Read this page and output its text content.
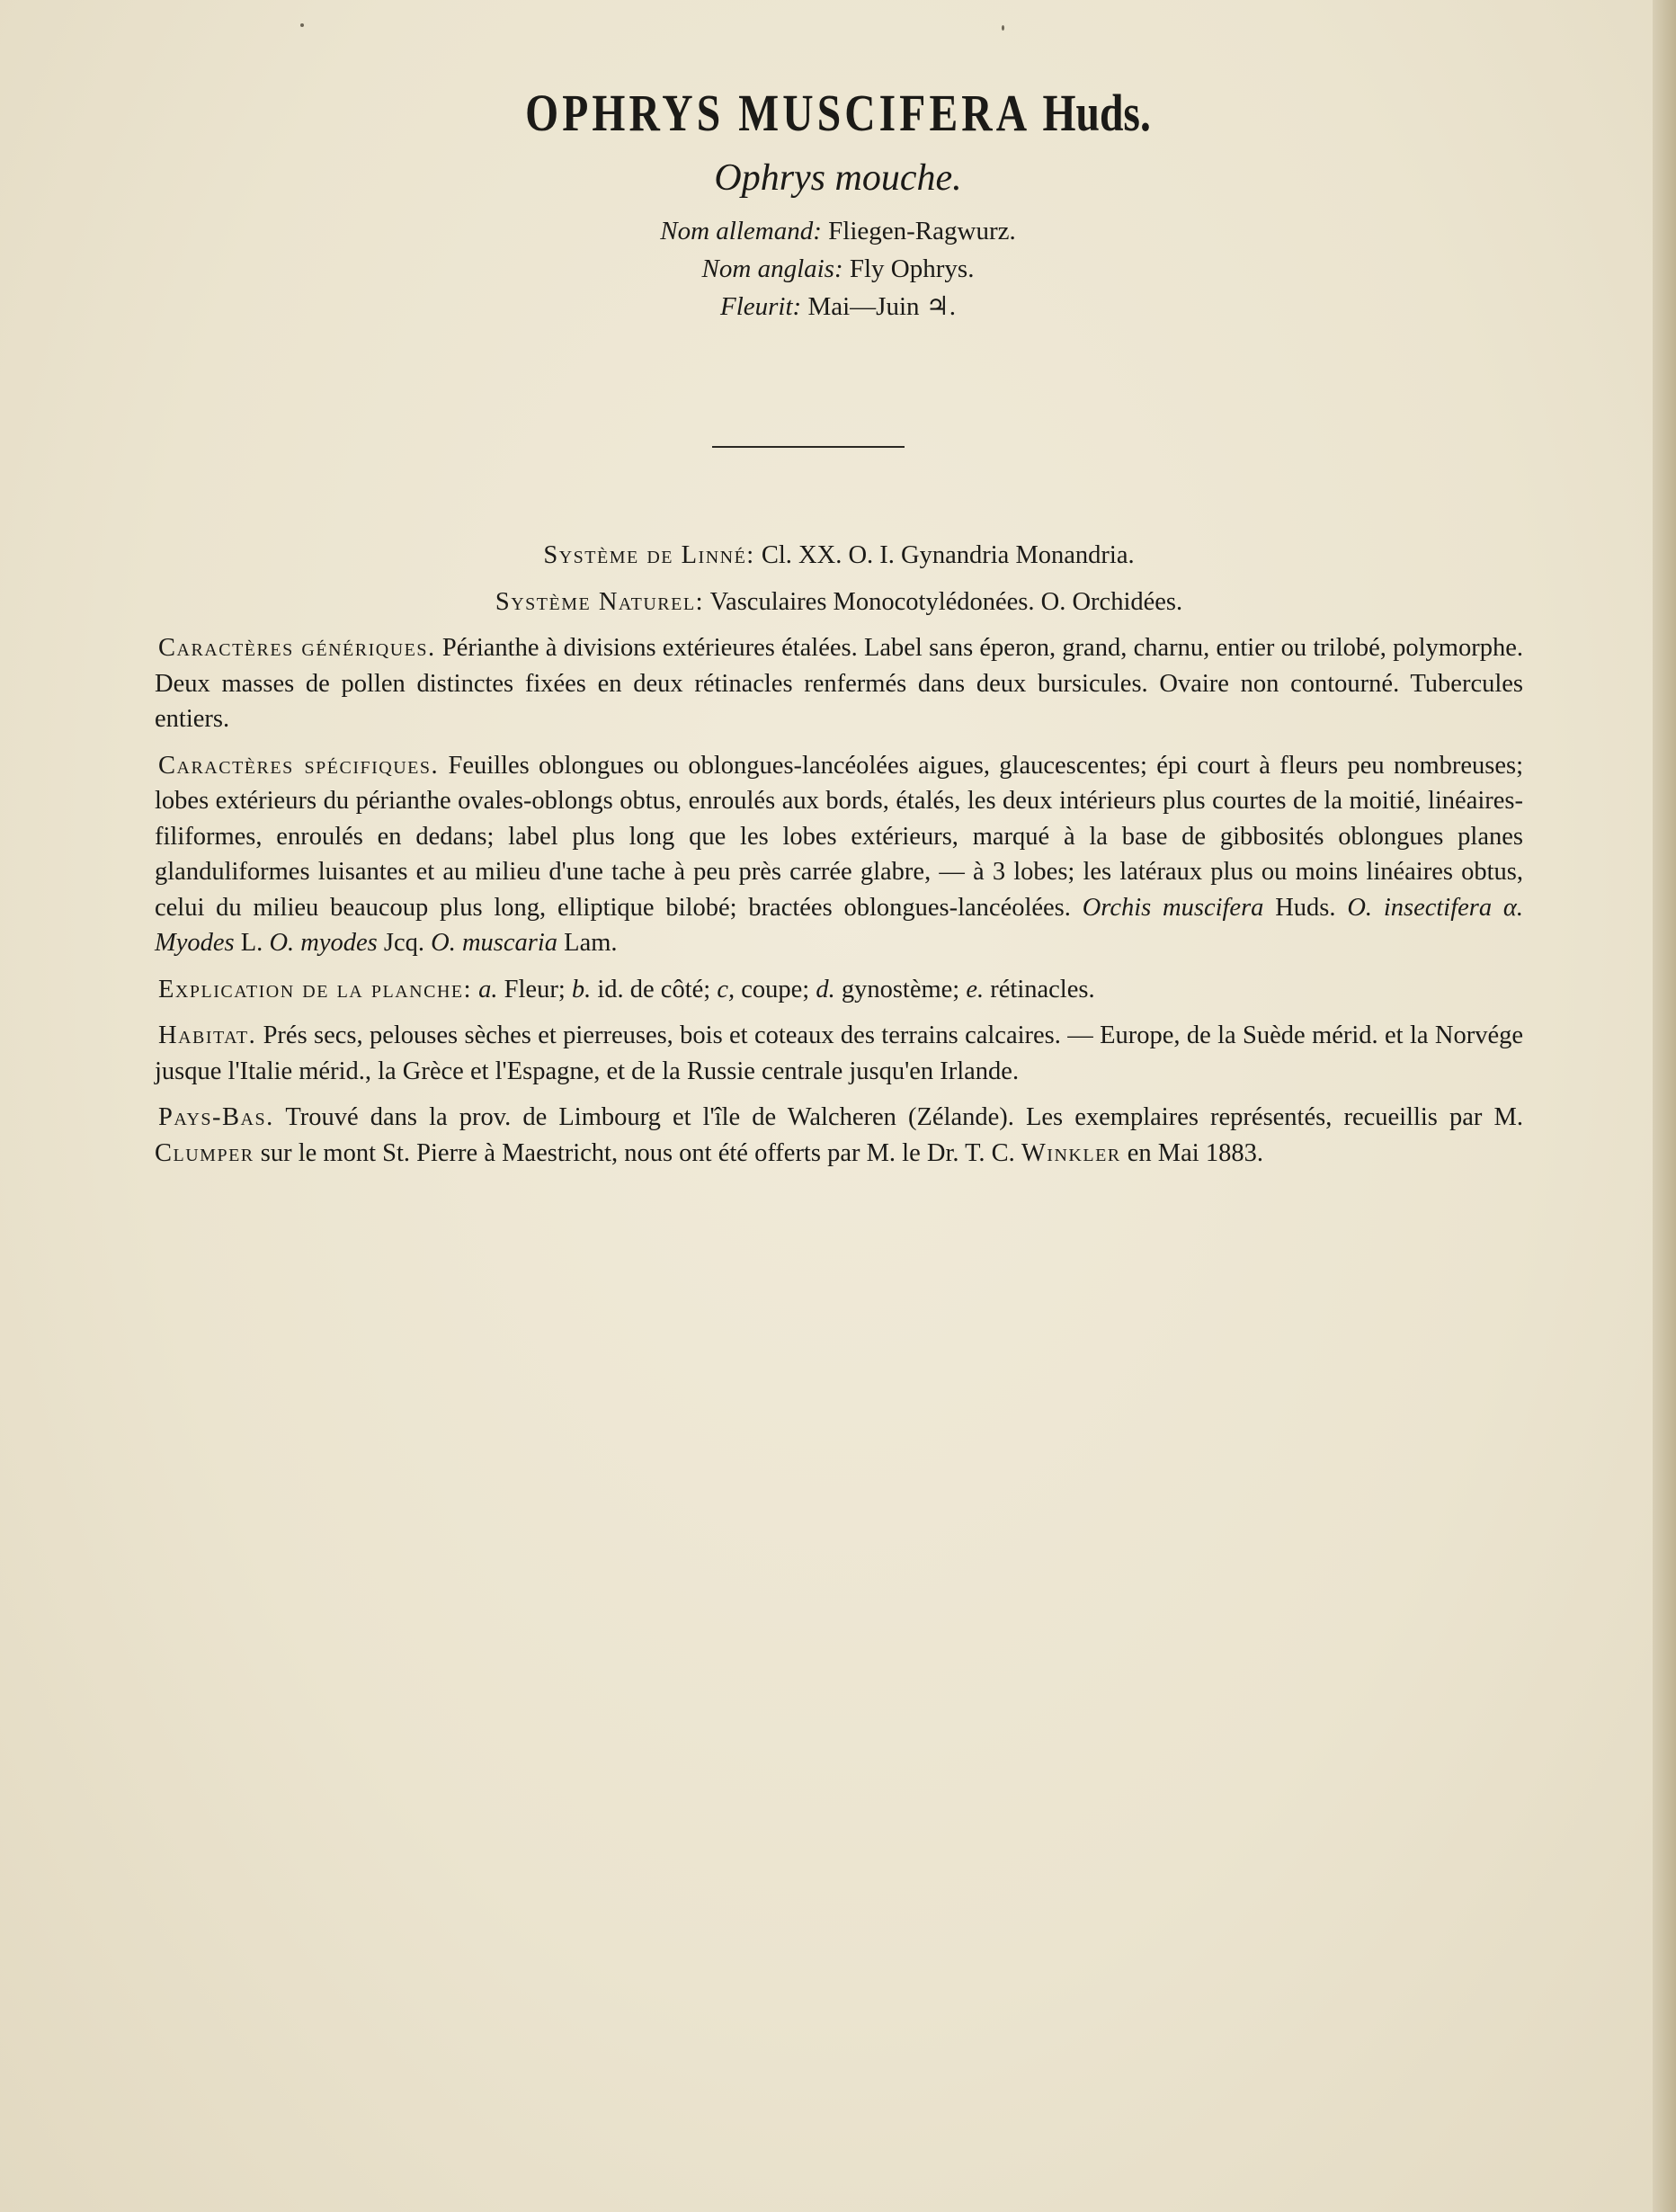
OPHRYS MUSCIFERA Huds.
Ophrys mouche.
Nom allemand: Fliegen-Ragwurz.
Nom anglais: Fly Ophrys.
Fleurit: Mai—Juin ♃.

Système de Linné: Cl. XX. O. I. Gynandria Monandria.

Système Naturel: Vasculaires Monocotylédonées. O. Orchidées.

Caractères génériques. Périanthe à divisions extérieures étalées. Label sans éperon, grand, charnu, entier ou trilobé, polymorphe. Deux masses de pollen distinctes fixées en deux rétinacles renfermés dans deux bursicules. Ovaire non contourné. Tubercules entiers.

Caractères spécifiques. Feuilles oblongues ou oblongues-lancéolées aigues, glaucescentes; épi court à fleurs peu nombreuses; lobes extérieurs du périanthe ovales-oblongs obtus, enroulés aux bords, étalés, les deux intérieurs plus courtes de la moitié, linéaires-filiformes, enroulés en dedans; label plus long que les lobes extérieurs, marqué à la base de gibbosités oblongues planes glanduliformes luisantes et au milieu d'une tache à peu près carrée glabre, — à 3 lobes; les latéraux plus ou moins linéaires obtus, celui du milieu beaucoup plus long, elliptique bilobé; bractées oblongues-lancéolées. Orchis muscifera Huds. O. insectifera α. Myodes L. O. myodes Jcq. O. muscaria Lam.

Explication de la planche: a. Fleur; b. id. de côté; c, coupe; d. gynostème; e. rétinacles.

Habitat. Prés secs, pelouses sèches et pierreuses, bois et coteaux des terrains calcaires. — Europe, de la Suède mérid. et la Norvége jusque l'Italie mérid., la Grèce et l'Espagne, et de la Russie centrale jusqu'en Irlande.

Pays-Bas. Trouvé dans la prov. de Limbourg et l'île de Walcheren (Zélande). Les exemplaires représentés, recueillis par M. Clumper sur le mont St. Pierre à Maestricht, nous ont été offerts par M. le Dr. T. C. Winkler en Mai 1883.
